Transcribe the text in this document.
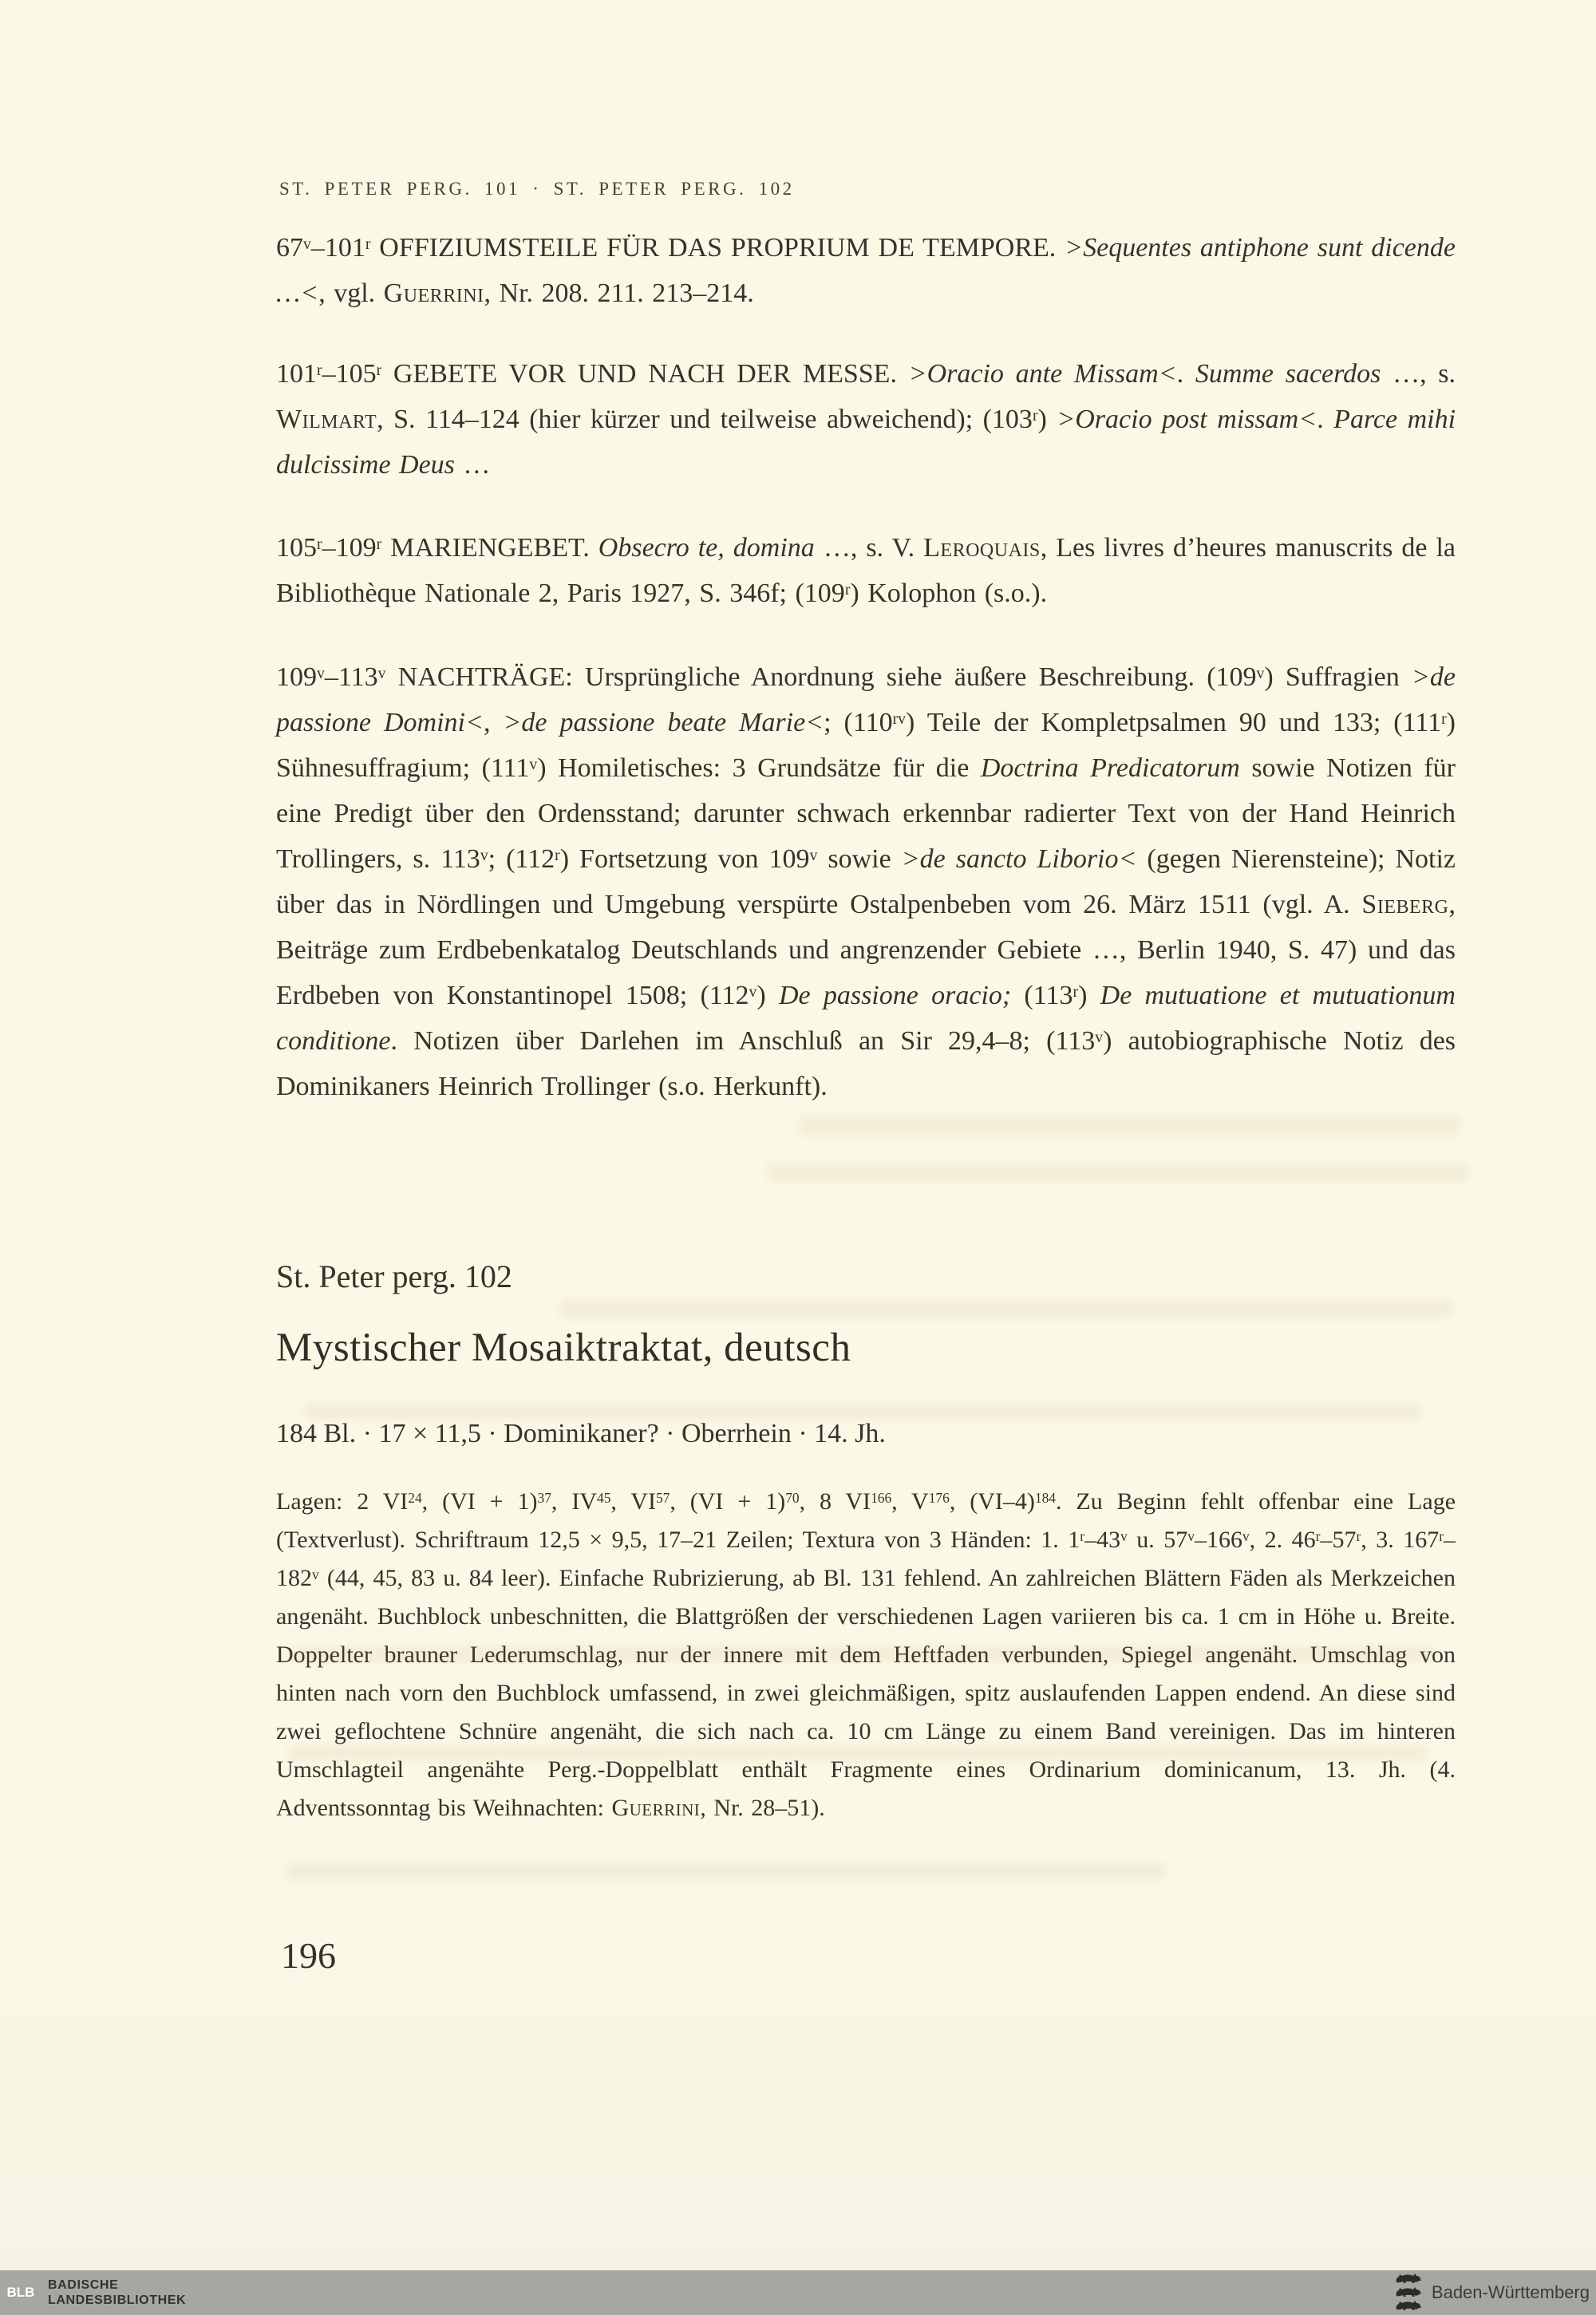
ST. PETER PERG. 101 · ST. PETER PERG. 102

67$^v$–101$^r$ OFFIZIUMSTEILE FÜR DAS PROPRIUM DE TEMPORE. >Sequentes antiphone sunt dicende …<, vgl. Guerrini, Nr. 208. 211. 213–214.

101$^r$–105$^r$ GEBETE VOR UND NACH DER MESSE. >Oracio ante Missam<. Summe sacerdos …, s. Wilmart, S. 114–124 (hier kürzer und teilweise abweichend); $(103^r)$ >Oracio post missam<. Parce mihi dulcissime Deus …

105$^r$–109$^r$ MARIENGEBET. Obsecro te, domina …, s. V. Leroquais, Les livres d’heures manuscrits de la Bibliothèque Nationale 2, Paris 1927, S. 346f; (109$^r$) Kolophon (s.o.).

109$^v$–113$^v$ NACHTRÄGE: Ursprüngliche Anordnung siehe äußere Beschreibung. (109$^v$) Suffragien >de passione Domini<, >de passione beate Marie<; $(110^{rv})$ Teile der Kompletpsalmen 90 und 133; (111$^r$) Sühnesuffragium; (111$^v$) Homiletisches: 3 Grundsätze für die Doctrina Predicatorum sowie Notizen für eine Predigt über den Ordensstand; darunter schwach erkennbar radierter Text von der Hand Heinrich Trollingers, s. 113$^v$; (112$^r$) Fortsetzung von 109$^v$ sowie >de sancto Liborio< (gegen Nierensteine); Notiz über das in Nördlingen und Umgebung verspürte Ostalpenbeben vom 26. März 1511 (vgl. A. Sieberg, Beiträge zum Erdbebenkatalog Deutschlands und angrenzender Gebiete …, Berlin 1940, S. 47) und das Erdbeben von Konstantinopel 1508; (112$^v$) De passione oracio; (113$^r$) De mutuatione et mutuationum conditione. Notizen über Darlehen im Anschluß an Sir 29,4–8; (113$^v$) autobiographische Notiz des Dominikaners Heinrich Trollinger (s.o. Herkunft).

St. Peter perg. 102
Mystischer Mosaiktraktat, deutsch
184 Bl. · 17 × 11,5 · Dominikaner? · Oberrhein · 14. Jh.

Lagen: 2 VI$^{24}$, (VI + 1)$^{37}$, IV$^{45}$, VI$^{57}$, (VI + 1)$^{70}$, 8 VI$^{166}$, $V^{176}$, $(VI-4)^{184}$. Zu Beginn fehlt offenbar eine Lage (Textverlust). Schriftraum 12,5 × 9,5, 17–21 Zeilen; Textura von 3 Händen: 1. 1$^r$–43$^v$ u. 57$^v$–166$^v$, 2. 46$^r$–57$^r$, 3. 167$^r$–182$^v$ (44, 45, 83 u. 84 leer). Einfache Rubrizierung, ab Bl. 131 fehlend. An zahlreichen Blättern Fäden als Merkzeichen angenäht. Buchblock unbeschnitten, die Blattgrößen der verschiedenen Lagen variieren bis ca. 1 cm in Höhe u. Breite. Doppelter brauner Lederumschlag, nur der innere mit dem Heftfaden verbunden, Spiegel angenäht. Umschlag von hinten nach vorn den Buchblock umfassend, in zwei gleichmäßigen, spitz auslaufenden Lappen endend. An diese sind zwei geflochtene Schnüre angenäht, die sich nach ca. 10 cm Länge zu einem Band vereinigen. Das im hinteren Umschlagteil angenähte Perg.-Doppelblatt enthält Fragmente eines Ordinarium dominicanum, 13. Jh. (4. Adventssonntag bis Weihnachten: Guerrini, Nr. 28–51).

196
BLB BADISCHE
LANDESBIBLIOTHEK	Baden-Württemberg
